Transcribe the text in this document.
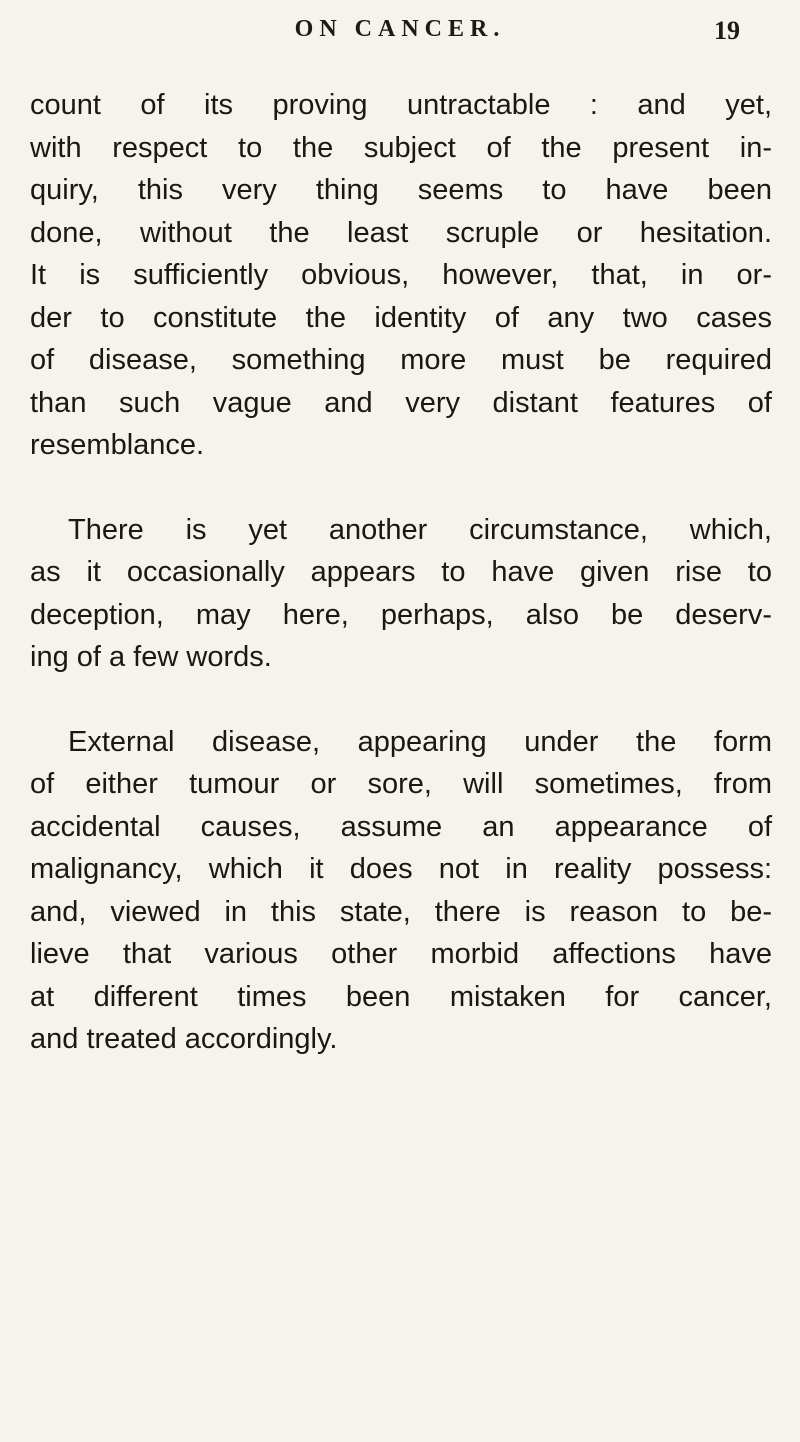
ON CANCER.	19
count of its proving untractable : and yet,
with respect to the subject of the present in-
quiry, this very thing seems to have been
done, without the least scruple or hesitation.
It is sufficiently obvious, however, that, in or-
der to constitute the identity of any two cases
of disease, something more must be required
than such vague and very distant features of
resemblance.
There is yet another circumstance, which,
as it occasionally appears to have given rise to
deception, may here, perhaps, also be deserv-
ing of a few words.
External disease, appearing under the form
of either tumour or sore, will sometimes, from
accidental causes, assume an appearance of
malignancy, which it does not in reality possess:
and, viewed in this state, there is reason to be-
lieve that various other morbid affections have
at different times been mistaken for cancer,
and treated accordingly.
